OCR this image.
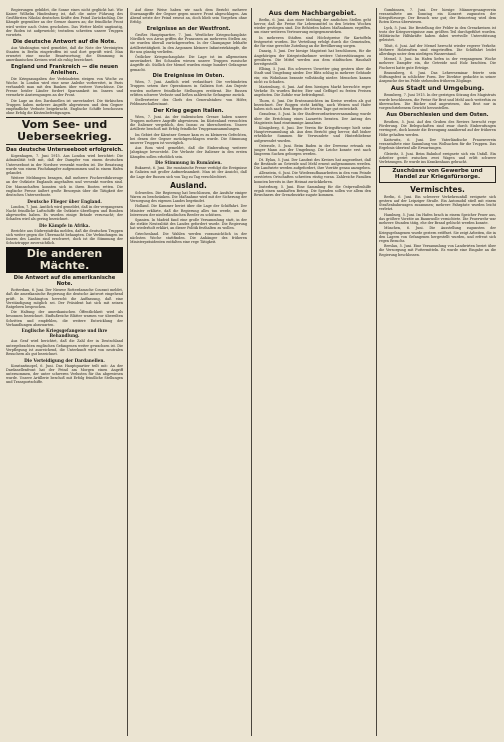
Regierungen gebildet, die Sonne eines nicht geglückt hat. Wie Kaiser Wilhelm Hindenburg ist, daß die unter Führung des Großfürsten Nikolai deutschen Kräfte den Feind Zurückschlag. Die Kämpfe gegenüber an der Grenze dauern an; die feindliche Front wird weiter nach Osten geschoben. Das Wetter bleibt ungünstig, der Boden ist aufgeweicht; trotzdem schreiten unsere Truppen vorwärts.

Die deutsche Antwort auf die Note.

Aus Washington wird gemeldet, daß die Note der Vereinigten Staaten in Berlin eingetroffen ist und dort geprüft wird. Man erwartet eine rasche Beantwortung; die Stimmung in amerikanischen Kreisen wird als ruhig bezeichnet.

England und Frankreich — die neuen Anleihen.

Die Kriegsausgaben der Verbündeten steigen von Woche zu Woche. In London wird eine neue Anleihe vorbereitet, in Paris verhandelt man mit den Banken über weitere Vorschüsse. Die Presse beider Länder fordert Sparsamkeit im Innern und vermehrte Anstrengungen an der Front.

Die Lage an den Dardanellen ist unverändert. Die türkischen Truppen haben mehrere Angriffe abgewiesen und dem Gegner empfindliche Verluste beigebracht. Englische Schiffe beschossen ohne Erfolg die Küstenbefestigungen.

Vom See- und Ueberseekrieg.
Das deutsche Unterseeboot erfolgreich.

Kopenhagen, 7. Juni 1915. Aus London wird berichtet: Die Admiralität teilt mit, daß der Dampfer von einem deutschen Unterseeboot in der Nordsee versenkt worden ist. Die Besatzung wurde von einem Fischdampfer aufgenommen und in einem Hafen gelandet.

Weitere Meldungen besagen, daß mehrere Fischereifahrzeuge an der Ostküste Englands angehalten und versenkt worden sind. Die Mannschaften konnten sich in ihren Booten retten. Die englische Presse äußert große Besorgnis über die Tätigkeit der deutschen Unterseeboote.

Deutsche Flieger über England.

London, 7. Juni. Amtlich wird gemeldet, daß in der vergangenen Nacht feindliche Luftschiffe die Ostküste überflogen und Bomben abgeworfen haben. Es wurden einige Brände verursacht; der Schaden wird als gering bezeichnet.

Die Kämpfe in Afrika.

Berichte aus Südwestafrika melden, daß die deutschen Truppen sich weiter gegen die Übermacht behaupten. Die Verbindungen im Innern des Landes sind erschwert, doch ist die Stimmung der Schutztruppe zuversichtlich.

Die anderen Mächte.
Die Antwort auf die amerikanische Note.

Rotterdam, 6. Juni. Der Nieuwe Rotterdamsche Courant meldet, daß die amerikanische Regierung die deutsche Antwort eingehend prüft. In Washington herrscht die Auffassung, daß eine Verständigung möglich sei. Der Präsident hat sich mit seinen Ratgebern besprochen.

Die Haltung der amerikanischen Öffentlichkeit wird als besonnen bezeichnet. Einflußreiche Blätter warnen vor übereilten Schritten und empfehlen, die weitere Entwicklung der Verhandlungen abzuwarten.

Englische Kriegsgefangene und ihre Behandlung.

Aus Genf wird berichtet, daß die Zahl der in Deutschland untergebrachten englischen Gefangenen weiter gewachsen ist. Die Verpflegung ist ausreichend, die Unterkunft wird von neutralen Besuchern als gut bezeichnet.

Die Verteidigung der Dardanellen.

Konstantinopel, 6. Juni. Das Hauptquartier teilt mit: An der Dardanellenfront hat der Feind am Morgen einen Angriff unternommen, der unter schweren Verlusten für ihn abgewiesen wurde. Unsere Artillerie beschoß mit Erfolg feindliche Stellungen und Transportschiffe.

Auf diese Weise haben wir nach dem Bericht mehrere Sturmangriffe der Gegner gegen unsere Front abgeschlagen. Am Abend setzte der Feind erneut an, doch blieb sein Vorgehen ohne Erfolg.

Ereignisse an der Westfront.

Großes Hauptquartier, 7. Juni. Westlicher Kriegsschauplatz: Nördlich von Arras griffen die Franzosen an mehreren Stellen an; sie wurden überall zurückgeworfen. In der Champagne lebhafte Artillerietätigkeit. In den Argonnen kleinere Infanteriekämpfe, die für uns günstig verliefen.

Östlicher Kriegsschauplatz: Die Lage ist im allgemeinen unverändert. Bei Schaulen wiesen unsere Truppen russische Angriffe ab. Südlich der Memel wurden einige hundert Gefangene gemacht.

Die Ereignisse im Osten.

Wien, 7. Juni. Amtlich wird verlautbart: Die verbündeten Truppen setzen ihre Operationen in Galizien fort. Am Dnjestr wurden mehrere feindliche Stellungen erstürmt. Die Russen erlitten schwere Verluste und ließen zahlreiche Gefangene zurück.

Stellvertreter des Chefs des Generalstabes: von Höfer, Feldmarschalleutnant.

Der Krieg gegen Italien.

Wien, 7. Juni. An der italienischen Grenze haben unsere Truppen mehrere Angriffe abgewiesen. Im Küstenland versuchten die Italiener vergeblich, den Isonzo zu überschreiten. Unsere Artillerie beschoß mit Erfolg feindliche Truppenansammlungen.

Im Gebiet der Kärntner Grenze kam es zu kleineren Gefechten, bei denen der Gegner zurückgeschlagen wurde. Die Stimmung unserer Truppen ist vorzüglich.

Aus Rom wird gemeldet, daß die Einberufung weiterer Jahrgänge bevorsteht. Die Verluste der Italiener in den ersten Kämpfen sollen erheblich sein.

Die Stimmung in Rumänien.

Bukarest, 6. Juni. Die rumänische Presse verfolgt die Ereignisse in Galizien mit großer Aufmerksamkeit. Man ist der Ansicht, daß die Lage der Russen sich von Tag zu Tag verschlechtert.

Ausland.

Schweden. Die Regierung hat beschlossen, die Ausfuhr einiger Waren zu beschränken. Die Maßnahme wird mit der Sicherung der Versorgung des eigenen Landes begründet.

Holland. Die Kammer beriet über die Lage der Schiffahrt. Der Minister erklärte, daß die Regierung alles tun werde, um die Interessen der niederländischen Reeder zu schützen.

Spanien. In Madrid fand eine große Versammlung statt, in der die strikte Neutralität des Landes gefordert wurde. Die Regierung hat wiederholt erklärt, an dieser Politik festhalten zu wollen.

Griechenland. Die Wahlen werden voraussichtlich in der nächsten Woche stattfinden. Die Anhänger des früheren Ministerpräsidenten entfalten eine rege Tätigkeit.

Aus dem Nachbargebiet.

Berlin, 6. Juni. Aus einer Meldung der amtlichen Stellen geht hervor, daß die Preise für Lebensmittel in den letzten Wochen wieder gestiegen sind. Die Behörden haben Maßnahmen ergriffen, um einer weiteren Verteuerung entgegenzuwirken.

In mehreren Städten sind Höchstpreise für Kartoffeln festgesetzt worden. Die Verteilung erfolgt durch die Gemeinden, die für eine gerechte Zuteilung an die Bevölkerung sorgen.

Danzig, 5. Juni. Der hiesige Magistrat hat beschlossen, für die Angehörigen der Kriegsteilnehmer weitere Unterstützungen zu gewähren. Die Mittel werden aus dem städtischen Haushalt bereitgestellt.

Elbing, 5. Juni. Ein schweres Unwetter ging gestern über die Stadt und Umgebung nieder. Der Blitz schlug in mehrere Gebäude ein; ein Wohnhaus brannte vollständig nieder. Menschen kamen nicht zu Schaden.

Marienburg, 6. Juni. Auf dem hiesigen Markt herrschte reger Verkehr. Es wurden Butter, Eier und Geflügel zu festen Preisen angeboten. Die Zufuhr war befriedigend.

Thorn, 6. Juni. Die Ernteaussichten im Kreise werden als gut bezeichnet. Der Roggen steht kräftig, auch Weizen und Hafer haben sich nach dem Regen der letzten Tage gut entwickelt.

Graudenz, 5. Juni. In der Stadtverordnetenversammlung wurde über die Errichtung eines Lazaretts beraten. Der Antrag des Magistrats fand einstimmige Annahme.

Königsberg, 6. Juni. Der Verein für Kriegsfürsorge hielt seine Hauptversammlung ab. Aus dem Bericht ging hervor, daß bisher erhebliche Summen für Verwundete und Hinterbliebene aufgewendet wurden.

Osterode, 5. Juni. Beim Baden in der Drewenz ertrank ein junger Mann aus der Umgebung. Die Leiche konnte erst nach längerem Suchen geborgen werden.

Dt. Eylau, 5. Juni. Der Landrat des Kreises hat angeordnet, daß die Bestände an Getreide und Mehl erneut aufgenommen werden. Die Landwirte werden aufgefordert, ihre Vorräte genau anzugeben.

Allenstein, 6. Juni. Die Wiederaufbauarbeiten in den vom Feinde zerstörten Ortschaften schreiten rüstig voran. Zahlreiche Familien konnten bereits in ihre Heimat zurückkehren.

Insterburg, 5. Juni. Eine Sammlung für die Ostpreußenhilfe ergab einen namhaften Betrag. Die Spenden sollen vor allem den Bewohnern der Grenzbezirke zugute kommen.

Gumbinnen, 7. Juni. Der hiesige Männergesangverein veranstaltete am Sonntag ein Konzert zugunsten der Kriegsfürsorge. Der Besuch war gut; der Reinertrag wird dem Roten Kreuz überwiesen.

Lyck, 5. Juni. Die Bestellung der Felder in den Grenzkreisen ist trotz der Kriegsereignisse zum größten Teil durchgeführt worden. Militärische Hilfskräfte haben dabei wertvolle Unterstützung geleistet.

Tilsit, 6. Juni. Auf der Memel herrscht wieder regerer Verkehr. Mehrere Holztraften sind eingetroffen. Die Schiffahrt leidet allerdings unter dem niedrigen Wasserstand.

Memel, 5. Juni. Im Hafen liefen in der vergangenen Woche mehrere Dampfer ein, die Getreide und Holz brachten. Die Fischerei hatte gute Erträge.

Braunsberg, 6. Juni. Das Lehrerseminar feierte sein Stiftungsfest in schlichter Form. Der Direktor gedachte in seiner Ansprache der im Felde stehenden früheren Zöglinge.

Aus Stadt und Umgebung.

Bromberg, 7. Juni 1915. In der gestrigen Sitzung des Magistrats wurde beschlossen, die Preise für Brot und Mehl auch weiterhin zu überwachen. Die Bäcker sind angewiesen, das Brot nur in vorgeschriebenem Gewicht herzustellen.

Aus Oberschlesien und dem Osten.

Beuthen, 5. Juni. Auf den Gruben des Reviers herrscht rege Förderung. Die Belegschaften sind zwar durch Einberufungen verringert, doch konnte die Erzeugung annähernd auf der früheren Höhe gehalten werden.

Kattowitz, 6. Juni. Der Vaterländische Frauenverein veranstaltete eine Sammlung von Wollsachen für die Truppen. Das Ergebnis übertraf alle Erwartungen.

Gleiwitz, 5. Juni. Beim Bahnhof ereignete sich ein Unfall. Ein Arbeiter geriet zwischen zwei Wagen und erlitt schwere Verletzungen. Er wurde ins Krankenhaus gebracht.

Zuschüsse von Gewerbe und Handel zur Kriegsfürsorge.
Vermischtes.

Berlin, 6. Juni. Ein schwerer Verkehrsunfall ereignete sich gestern auf der Leipziger Straße. Ein Automobil stieß mit einem Straßenbahnwagen zusammen; mehrere Fahrgäste wurden leicht verletzt.

Hamburg, 5. Juni. Im Hafen brach in einem Speicher Feuer aus, das größere Vorräte an Baumwolle vernichtete. Die Feuerwehr war mehrere Stunden tätig, ehe der Brand gelöscht werden konnte.

München, 6. Juni. Die Ausstellung zugunsten der Kriegsgefangenen wurde gestern eröffnet. Sie zeigt Arbeiten, die in den Lagern von Gefangenen hergestellt wurden, und erfreut sich regen Besuchs.

Breslau, 5. Juni. Eine Versammlung von Landwirten beriet über die Versorgung mit Futtermitteln. Es wurde eine Eingabe an die Regierung beschlossen.
